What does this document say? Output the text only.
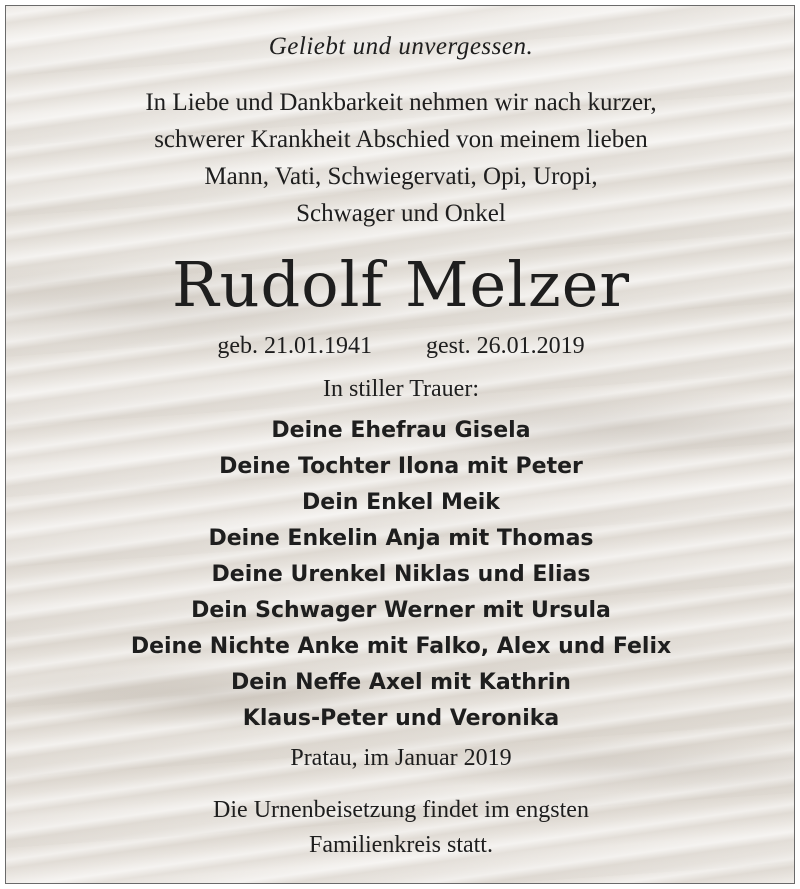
Geliebt und unvergessen.
In Liebe und Dankbarkeit nehmen wir nach kurzer,
schwerer Krankheit Abschied von meinem lieben
Mann, Vati, Schwiegervati, Opi, Uropi,
Schwager und Onkel
Rudolf Melzer
geb. 21.01.1941 gest. 26.01.2019
In stiller Trauer:
Deine Ehefrau Gisela
Deine Tochter Ilona mit Peter
Dein Enkel Meik
Deine Enkelin Anja mit Thomas
Deine Urenkel Niklas und Elias
Dein Schwager Werner mit Ursula
Deine Nichte Anke mit Falko, Alex und Felix
Dein Neffe Axel mit Kathrin
Klaus-Peter und Veronika
Pratau, im Januar 2019
Die Urnenbeisetzung findet im engsten
Familienkreis statt.
